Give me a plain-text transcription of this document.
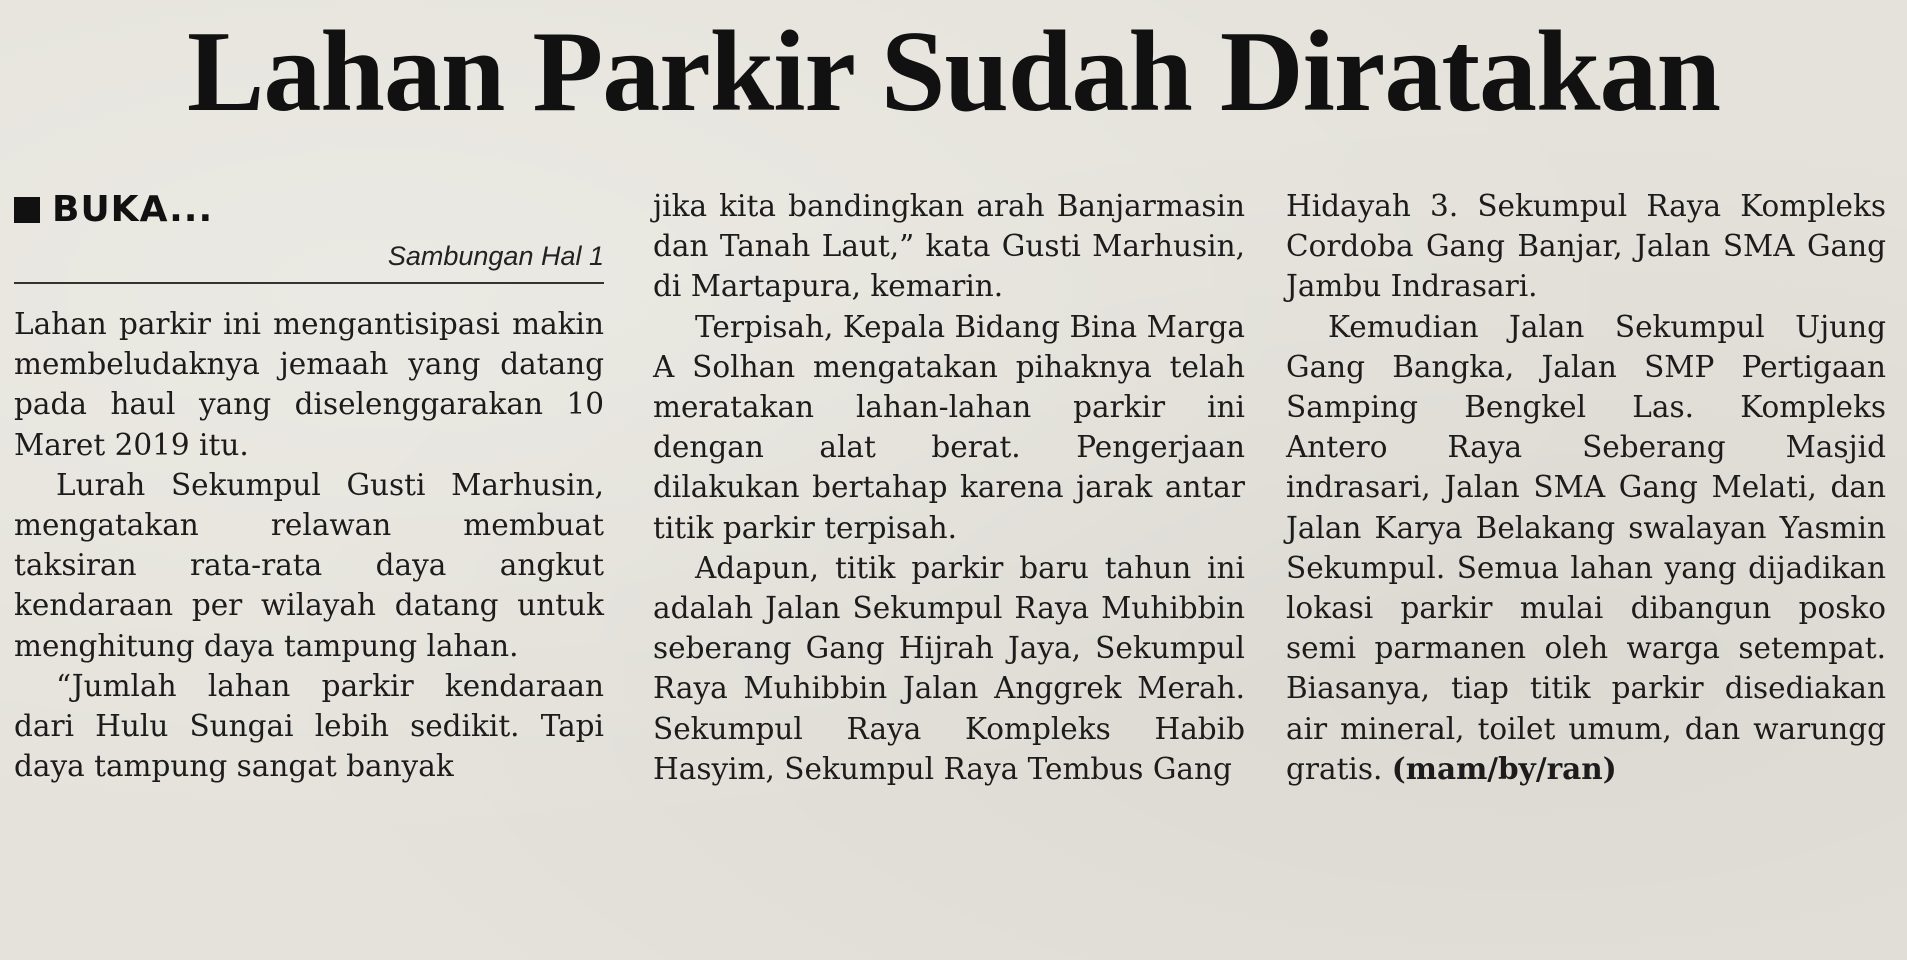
Lahan Parkir Sudah Diratakan
BUKA...
Sambungan Hal 1

Lahan parkir ini mengantisipasi makin membeludaknya jemaah yang datang pada haul yang diselenggarakan 10 Maret 2019 itu.

Lurah Sekumpul Gusti Marhusin, mengatakan relawan membuat taksiran rata-rata daya angkut kendaraan per wilayah datang untuk menghitung daya tampung lahan.

“Jumlah lahan parkir kendaraan dari Hulu Sungai lebih sedikit. Tapi daya tampung sangat banyak

jika kita bandingkan arah Banjarmasin dan Tanah Laut,” kata Gusti Marhusin, di Martapura, kemarin.

Terpisah, Kepala Bidang Bina Marga A Solhan mengatakan pihaknya telah meratakan lahan-lahan parkir ini dengan alat berat. Pengerjaan dilakukan bertahap karena jarak antar titik parkir terpisah.

Adapun, titik parkir baru tahun ini adalah Jalan Sekumpul Raya Muhibbin seberang Gang Hijrah Jaya, Sekumpul Raya Muhibbin Jalan Anggrek Merah. Sekumpul Raya Kompleks Habib Hasyim, Sekumpul Raya Tembus Gang

Hidayah 3. Sekumpul Raya Kompleks Cordoba Gang Banjar, Jalan SMA Gang Jambu Indrasari.

Kemudian Jalan Sekumpul Ujung Gang Bangka, Jalan SMP Pertigaan Samping Bengkel Las. Kompleks Antero Raya Seberang Masjid indrasari, Jalan SMA Gang Melati, dan Jalan Karya Belakang swalayan Yasmin Sekumpul. Semua lahan yang dijadikan lokasi parkir mulai dibangun posko semi parmanen oleh warga setempat. Biasanya, tiap titik parkir disediakan air mineral, toilet umum, dan warungg gratis. (mam/by/ran)
